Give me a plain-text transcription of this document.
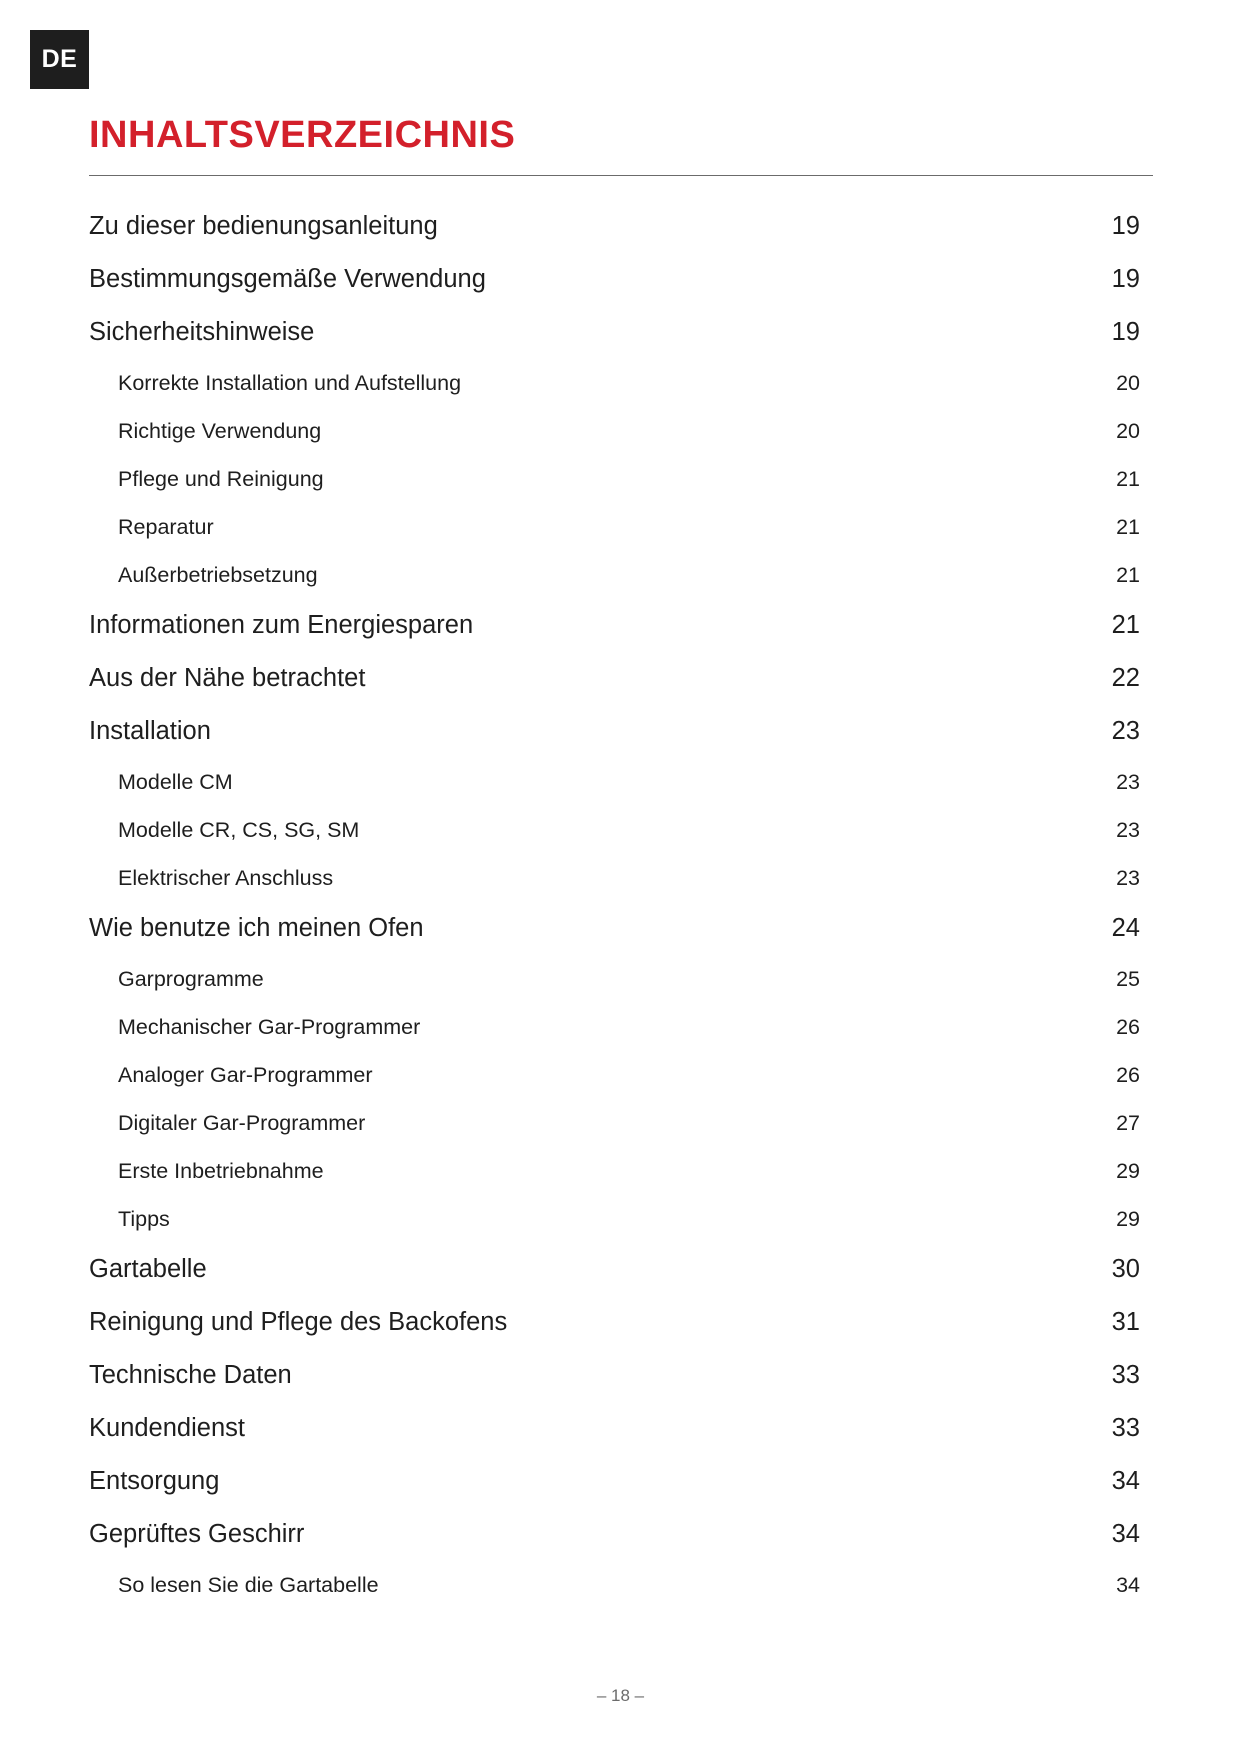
DE
INHALTSVERZEICHNIS
Zu dieser bedienungsanleitung	19
Bestimmungsgemäße Verwendung	19
Sicherheitshinweise	19
Korrekte Installation und Aufstellung	20
Richtige Verwendung	20
Pflege und Reinigung	21
Reparatur	21
Außerbetriebsetzung	21
Informationen zum Energiesparen	21
Aus der Nähe betrachtet	22
Installation	23
Modelle CM	23
Modelle CR, CS, SG, SM	23
Elektrischer Anschluss	23
Wie benutze ich meinen Ofen	24
Garprogramme	25
Mechanischer Gar-Programmer	26
Analoger Gar-Programmer	26
Digitaler Gar-Programmer	27
Erste Inbetriebnahme	29
Tipps	29
Gartabelle	30
Reinigung und Pflege des Backofens	31
Technische Daten	33
Kundendienst	33
Entsorgung	34
Geprüftes Geschirr	34
So lesen Sie die Gartabelle	34
– 18 –
